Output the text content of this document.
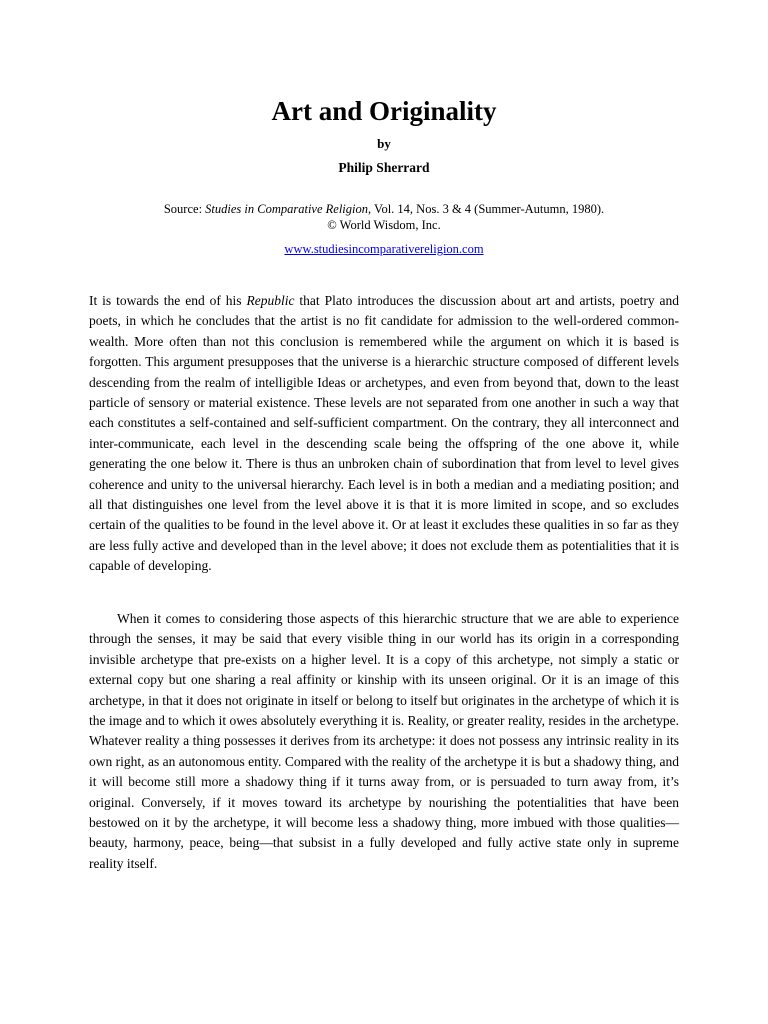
Art and Originality
by
Philip Sherrard
Source: Studies in Comparative Religion, Vol. 14, Nos. 3 & 4 (Summer-Autumn, 1980).
© World Wisdom, Inc.
www.studiesincomparativereligion.com

It is towards the end of his Republic that Plato introduces the discussion about art and artists, poetry and poets, in which he concludes that the artist is no fit candidate for admission to the well-ordered common-wealth. More often than not this conclusion is remembered while the argument on which it is based is forgotten. This argument presupposes that the universe is a hierarchic structure composed of different levels descending from the realm of intelligible Ideas or archetypes, and even from beyond that, down to the least particle of sensory or material existence. These levels are not separated from one another in such a way that each constitutes a self-contained and self-sufficient compartment. On the contrary, they all interconnect and inter-communicate, each level in the descending scale being the offspring of the one above it, while generating the one below it. There is thus an unbroken chain of subordination that from level to level gives coherence and unity to the universal hierarchy. Each level is in both a median and a mediating position; and all that distinguishes one level from the level above it is that it is more limited in scope, and so excludes certain of the qualities to be found in the level above it. Or at least it excludes these qualities in so far as they are less fully active and developed than in the level above; it does not exclude them as potentialities that it is capable of developing.

When it comes to considering those aspects of this hierarchic structure that we are able to experience through the senses, it may be said that every visible thing in our world has its origin in a corresponding invisible archetype that pre-exists on a higher level. It is a copy of this archetype, not simply a static or external copy but one sharing a real affinity or kinship with its unseen original. Or it is an image of this archetype, in that it does not originate in itself or belong to itself but originates in the archetype of which it is the image and to which it owes absolutely everything it is. Reality, or greater reality, resides in the archetype. Whatever reality a thing possesses it derives from its archetype: it does not possess any intrinsic reality in its own right, as an autonomous entity. Compared with the reality of the archetype it is but a shadowy thing, and it will become still more a shadowy thing if it turns away from, or is persuaded to turn away from, it’s original. Conversely, if it moves toward its archetype by nourishing the potentialities that have been bestowed on it by the archetype, it will become less a shadowy thing, more imbued with those qualities—beauty, harmony, peace, being—that subsist in a fully developed and fully active state only in supreme reality itself.
